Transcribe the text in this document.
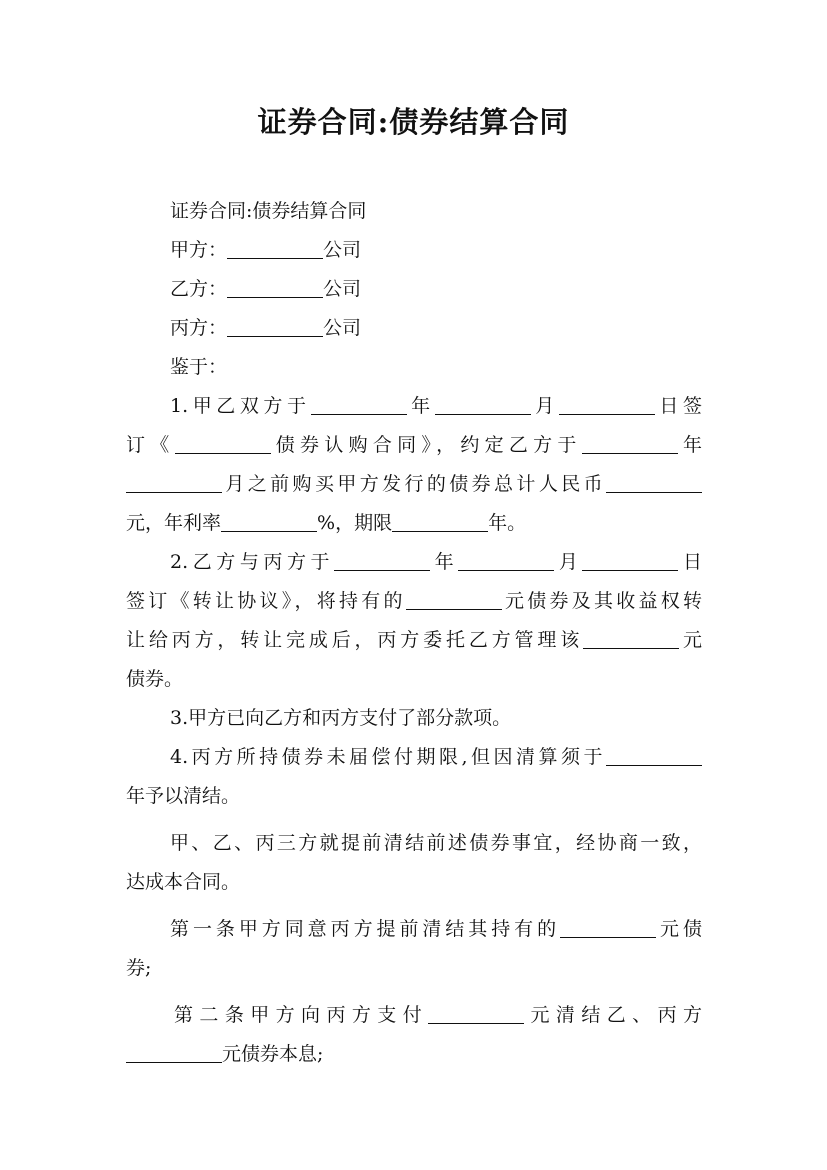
证券合同:债券结算合同
证券合同:债券结算合同
甲方：	公司
乙方：	公司
丙方：	公司
鉴于：
1.甲乙双方于	年	月	日签
订《	债券认购合同》，约定乙方于	年
月之前购买甲方发行的债券总计人民币
元，年利率	%，期限	年。
2.乙方与丙方于	年	月	日
签订《转让协议》，将持有的	元债券及其收益权转
让给丙方，转让完成后，丙方委托乙方管理该	元
债券。
3.甲方已向乙方和丙方支付了部分款项。
4.丙方所持债券未届偿付期限,但因清算须于
年予以清结。
甲、乙、丙三方就提前清结前述债券事宜，经协商一致，
达成本合同。
第一条甲方同意丙方提前清结其持有的	元债
券;
第二条甲方向丙方支付	元清结乙、丙方
元债券本息;
